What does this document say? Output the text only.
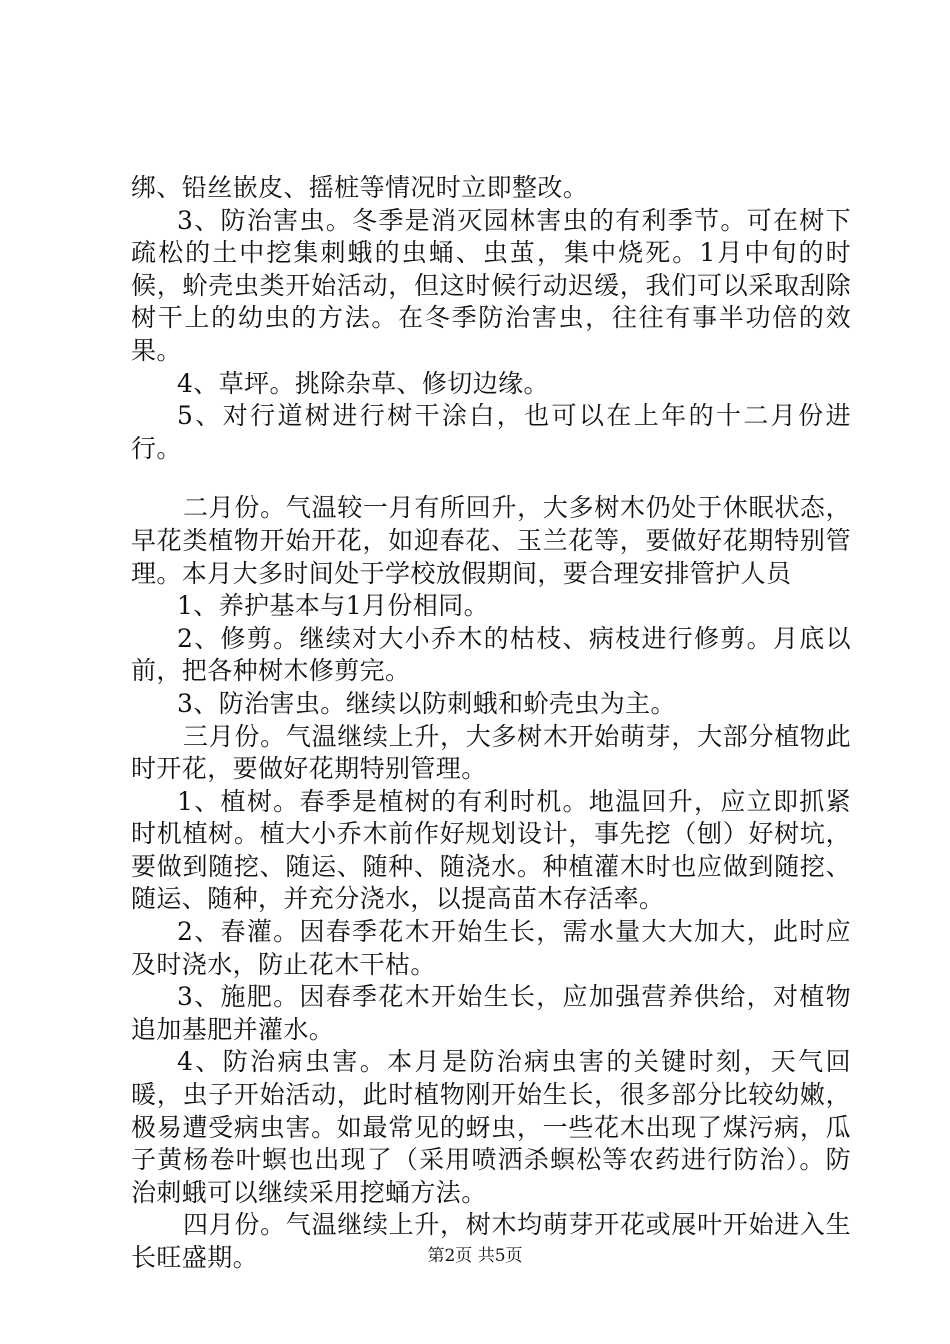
绑、铅丝嵌皮、摇桩等情况时立即整改。

3、防治害虫。冬季是消灭园林害虫的有利季节。可在树下疏松的土中挖集刺蛾的虫蛹、虫茧，集中烧死。1月中旬的时候，蚧壳虫类开始活动，但这时候行动迟缓，我们可以采取刮除树干上的幼虫的方法。在冬季防治害虫，往往有事半功倍的效果。

4、草坪。挑除杂草、修切边缘。

5、对行道树进行树干涂白，也可以在上年的十二月份进行。

二月份。气温较一月有所回升，大多树木仍处于休眠状态，早花类植物开始开花，如迎春花、玉兰花等，要做好花期特别管理。本月大多时间处于学校放假期间，要合理安排管护人员

1、养护基本与1月份相同。

2、修剪。继续对大小乔木的枯枝、病枝进行修剪。月底以前，把各种树木修剪完。

3、防治害虫。继续以防刺蛾和蚧壳虫为主。

三月份。气温继续上升，大多树木开始萌芽，大部分植物此时开花，要做好花期特别管理。

1、植树。春季是植树的有利时机。地温回升，应立即抓紧时机植树。植大小乔木前作好规划设计，事先挖（刨）好树坑，要做到随挖、随运、随种、随浇水。种植灌木时也应做到随挖、随运、随种，并充分浇水，以提高苗木存活率。

2、春灌。因春季花木开始生长，需水量大大加大，此时应及时浇水，防止花木干枯。

3、施肥。因春季花木开始生长，应加强营养供给，对植物追加基肥并灌水。

4、防治病虫害。本月是防治病虫害的关键时刻，天气回暖，虫子开始活动，此时植物刚开始生长，很多部分比较幼嫩，极易遭受病虫害。如最常见的蚜虫，一些花木出现了煤污病，瓜子黄杨卷叶螟也出现了（采用喷洒杀螟松等农药进行防治）。防治刺蛾可以继续采用挖蛹方法。

四月份。气温继续上升，树木均萌芽开花或展叶开始进入生长旺盛期。	第2页 共5页
